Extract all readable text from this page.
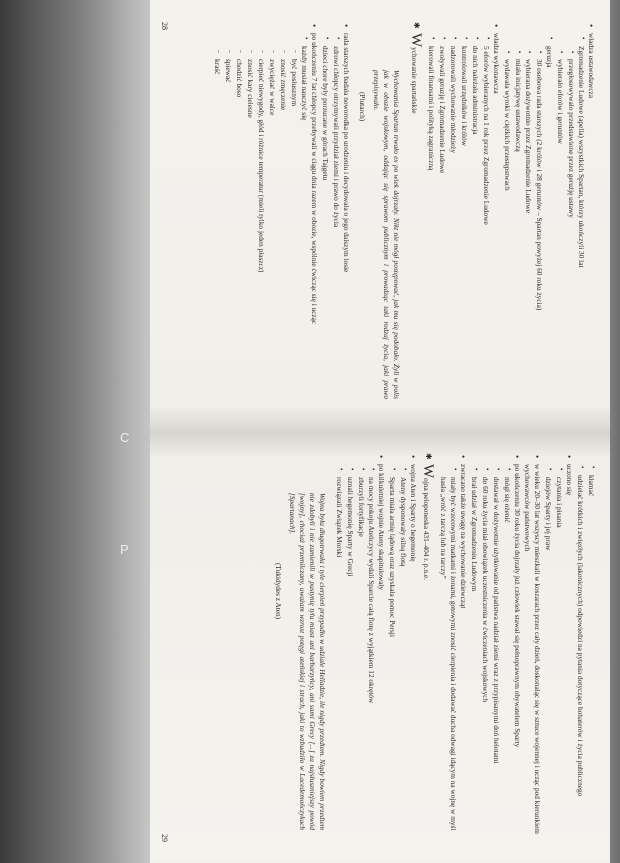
C
P
• władza ustawodawcza
• Zgromadzenie Ludowe (apella) wszystkich Spartan, którzy ukończyli 30 lat
▪ przegłosowywało przedstawione przez gerużję ustawy
▪ wybierało eforów i geruntów
• geruzja
▪ 30 osobowa rada starszych (2 królów i 28 geruntów – Spartan powyżej 60 roku życia)
▪ wybierana dożywotnio przez Zgromadzenie Ludowe
▪ miała inicjatywę ustawodawczą
▪ wydawała wyroki w ciężkich przestępstwach
• władza wykonawcza
• 5 eforów wybieranych na 1 rok przez Zgromadzenie Ludowe
• do nich należała administracja
• kontrolowali urzędników i królów
• nadzorowali wychowanie młodzieży
• zwoływali geruzję i Zgromadzenie Ludowe
• kierowali finansami i polityką zagraniczną
✱
Wychowanie spartańskie
Wychowania Spartan trwało ex po wiek dojrzały. Nikt nie mógł postępować, jak mu się podobało. Żyli w polis jak w obozie wojskowym, oddając się sprawom publicznym i prowadząc taki rodzaj życia, jaki prawo przepisywało.
(Plutarch)
• rada starszych badała noworodka po urodzeniu i decydowała o jego dalszym losie
• zdrowi chłopcy otrzymywali przydział ziemi i prawo do życia
• dzieci chore były porzucane w górach Tajgetu
• po ukończeniu 7 lat chłopcy przebywali w ciągu dnia razem w obozie, wspólnie ćwicząc się i ucząc
• każdy musiał nauczyć się
– być posłusznym
– znosić zmęczenie
– zwyciężać w walce
– cierpieć niewygody, głód i różnice temperatur (mieli tylko jeden płaszcz)
– znosić kary cielesne
– chodzić boso
– śpiewać
– kraść
28
• kłamać
• udzielać krótkich i zwięzłych (lakonicznych) odpowiedzi na pytania dotyczące bohaterów i życia publicznego
• uczono się
• czytania i pisania
• dziejów Sparty i jej praw
• w wieku 20–30 lat wszyscy mieszkali w koszarach przez cały dzień, doskonaląc się w sztuce wojennej i ucząc pod kierunkiem wychowawców państwowych
• po ukończeniu 30 roku życia dojrzały już człowiek stawał się pełnoprawnym obywatelem Sparty
• mógł się ożenić
• dostawał w dożywotnie użytkowanie od państwa nadział ziemi wraz z przypisanymi doń helotami
• do 60 roku życia miał obowiązek uczestniczenia w ćwiczeniach wojskowych
• brał udział w Zgromadzeniu Ludowym
• zwracano także uwagę na wychowanie dziewcząt
• miały być wzorowymi matkami i żonami, gotowymi znosić cierpienia i dodawać ducha odwagi idącym na wojnę w myśl hasła „wróć z tarczą lub na tarczy”
✱
Wojna peloponeska 431–404 r. p.n.e.
• wojna Aten i Sparty o hegemonię
• Ateny dysponowały silną flotą
• Sparta miała armię lądową oraz uzyskała pomoc Persji
• po kilkuletniej wojnie Ateny skapitulowały
• na mocy pokoju Ateńczycy wydali Sparcie całą flotę z wyjątkiem 12 okrętów
• zburzyli fortyfikacje
• uznali hegemonię Sparty w Grecji
• rozwiązali Związek Morski
Wojna była długotrwała i tyle cierpień przypadło w udziale Helladzie, ile nigdy przedtem. Nigdy bowiem przedtem nie zdobyli i nie zamienili w pustynię tylu miast ani barbarzyńcy, ani sami Grecy [...] za najsłuszniejszy powód [wojny], chociaż przemilczany, uważam wzrost potęgi ateńskiej i strach, jaki to wzbudziło w Lacedemończykach [Spartanach].
(Tukidydes z Aten)
29
